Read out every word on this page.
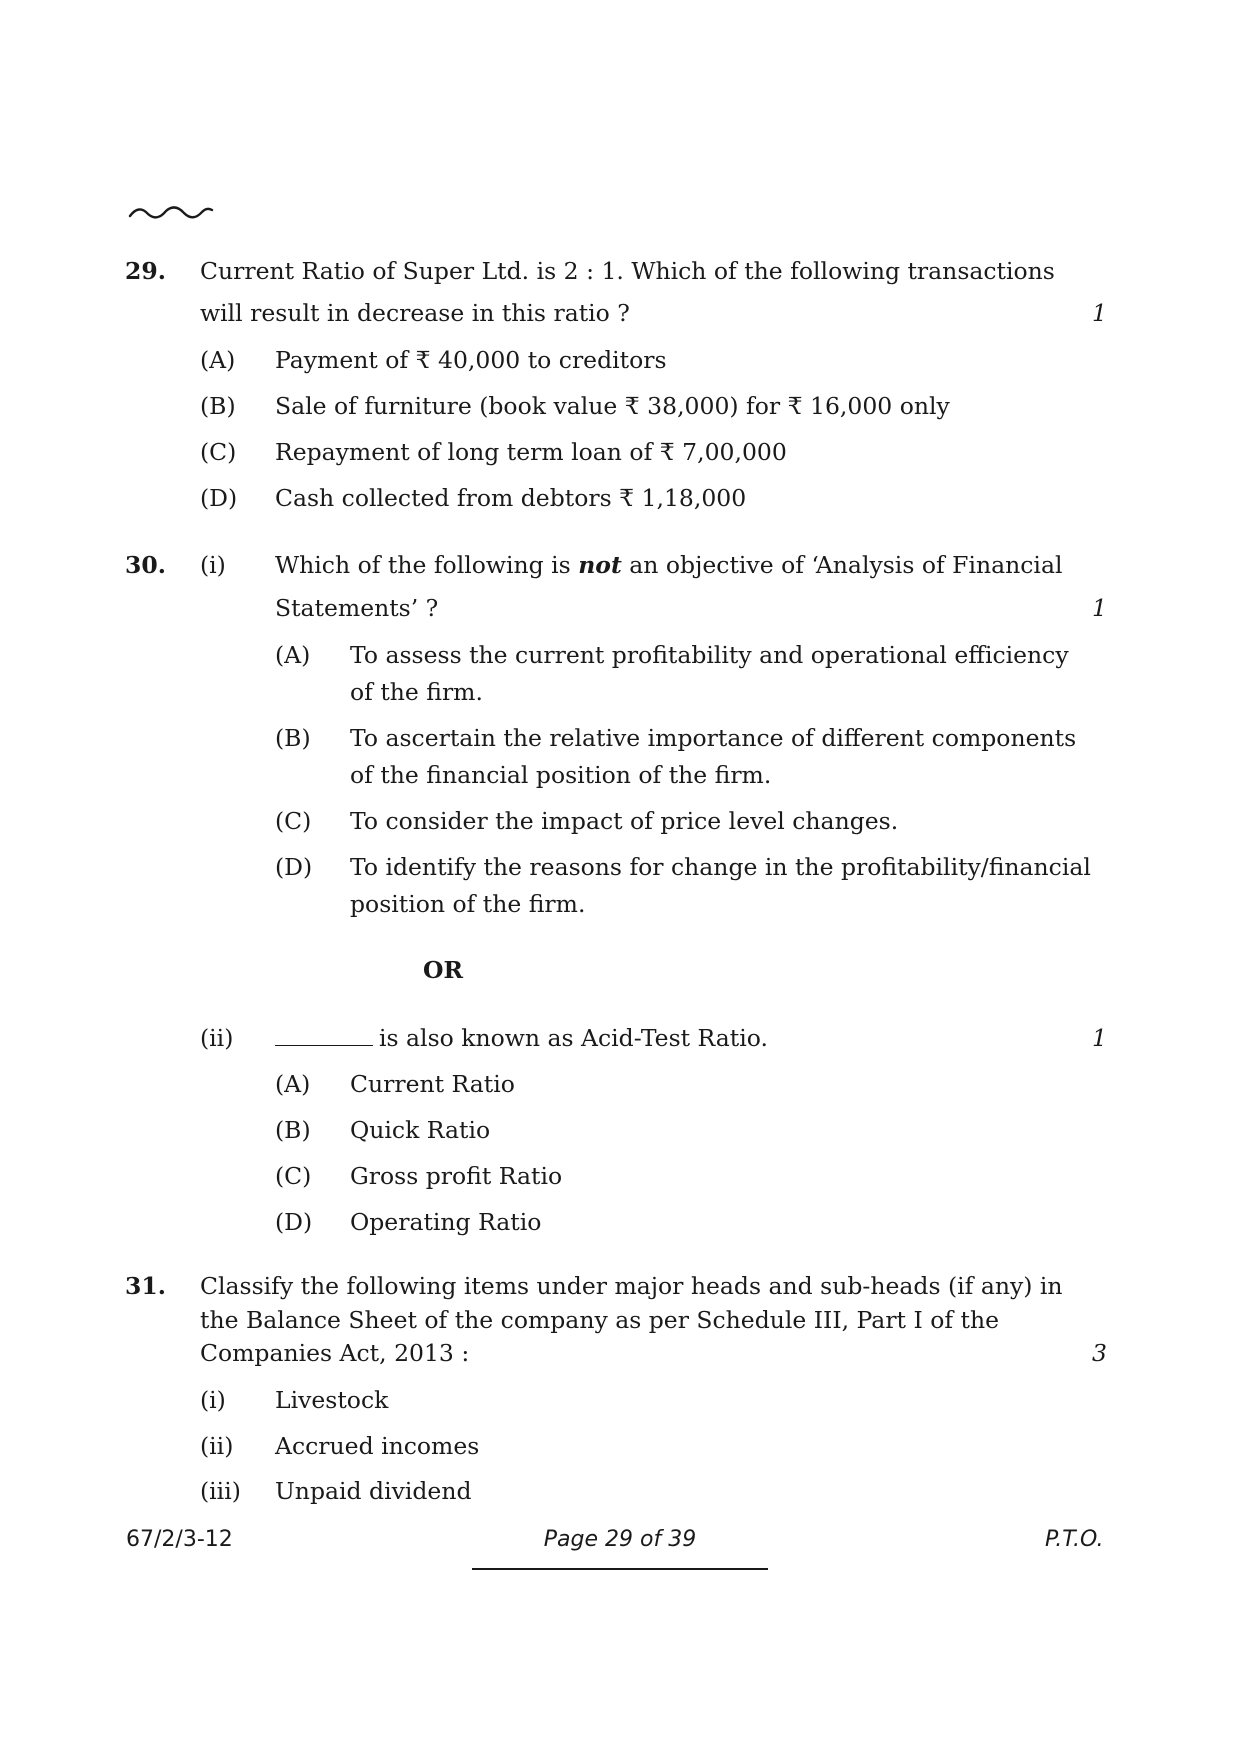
29. Current Ratio of Super Ltd. is 2 : 1. Which of the following transactions
will result in decrease in this ratio ?	1
(A) Payment of ₹ 40,000 to creditors
(B) Sale of furniture (book value ₹ 38,000) for ₹ 16,000 only
(C) Repayment of long term loan of ₹ 7,00,000
(D) Cash collected from debtors ₹ 1,18,000
30. (i) Which of the following is not an objective of ‘Analysis of Financial
Statements’ ?	1
(A) To assess the current profitability and operational efficiency
of the firm.
(B) To ascertain the relative importance of different components
of the financial position of the firm.
(C) To consider the impact of price level changes.
(D) To identify the reasons for change in the profitability/financial
position of the firm.
OR
(ii)	is also known as Acid-Test Ratio.	1
(A) Current Ratio
(B) Quick Ratio
(C) Gross profit Ratio
(D) Operating Ratio
31. Classify the following items under major heads and sub-heads (if any) in
the Balance Sheet of the company as per Schedule III, Part I of the
Companies Act, 2013 :	3
(i) Livestock
(ii) Accrued incomes
(iii) Unpaid dividend
67/2/3-12	Page 29 of 39	P.T.O.
